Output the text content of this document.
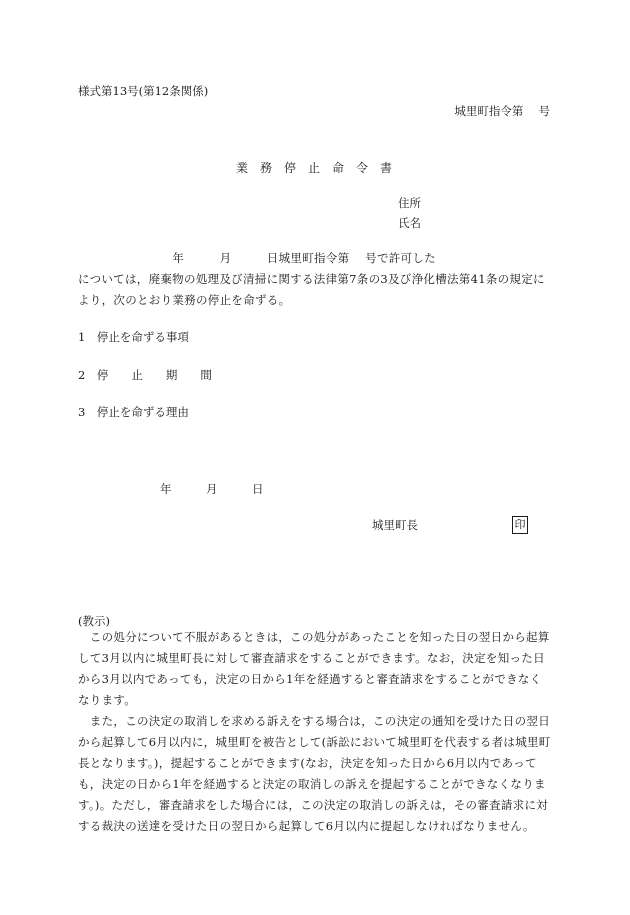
様式第13号(第12条関係)
城里町指令第　 号
業　務　停　止　命　令　書
住所
氏名
　　　　　　　　年　　　月　　　日城里町指令第　 号で許可した　　　　　　　　　については，廃棄物の処理及び清掃に関する法律第7条の3及び浄化槽法第41条の規定により，次のとおり業務の停止を命ずる。
1　停止を命ずる事項
2　停　　止　　期　　間
3　停止を命ずる理由
年　　　月　　　日
城里町長	印
(教示)
　この処分について不服があるときは，この処分があったことを知った日の翌日から起算して3月以内に城里町長に対して審査請求をすることができます。なお，決定を知った日から3月以内であっても，決定の日から1年を経過すると審査請求をすることができなくなります。
　また，この決定の取消しを求める訴えをする場合は，この決定の通知を受けた日の翌日から起算して6月以内に，城里町を被告として(訴訟において城里町を代表する者は城里町長となります。)，提起することができます(なお，決定を知った日から6月以内であっても，決定の日から1年を経過すると決定の取消しの訴えを提起することができなくなります。)。ただし，審査請求をした場合には，この決定の取消しの訴えは，その審査請求に対する裁決の送達を受けた日の翌日から起算して6月以内に提起しなければなりません。
